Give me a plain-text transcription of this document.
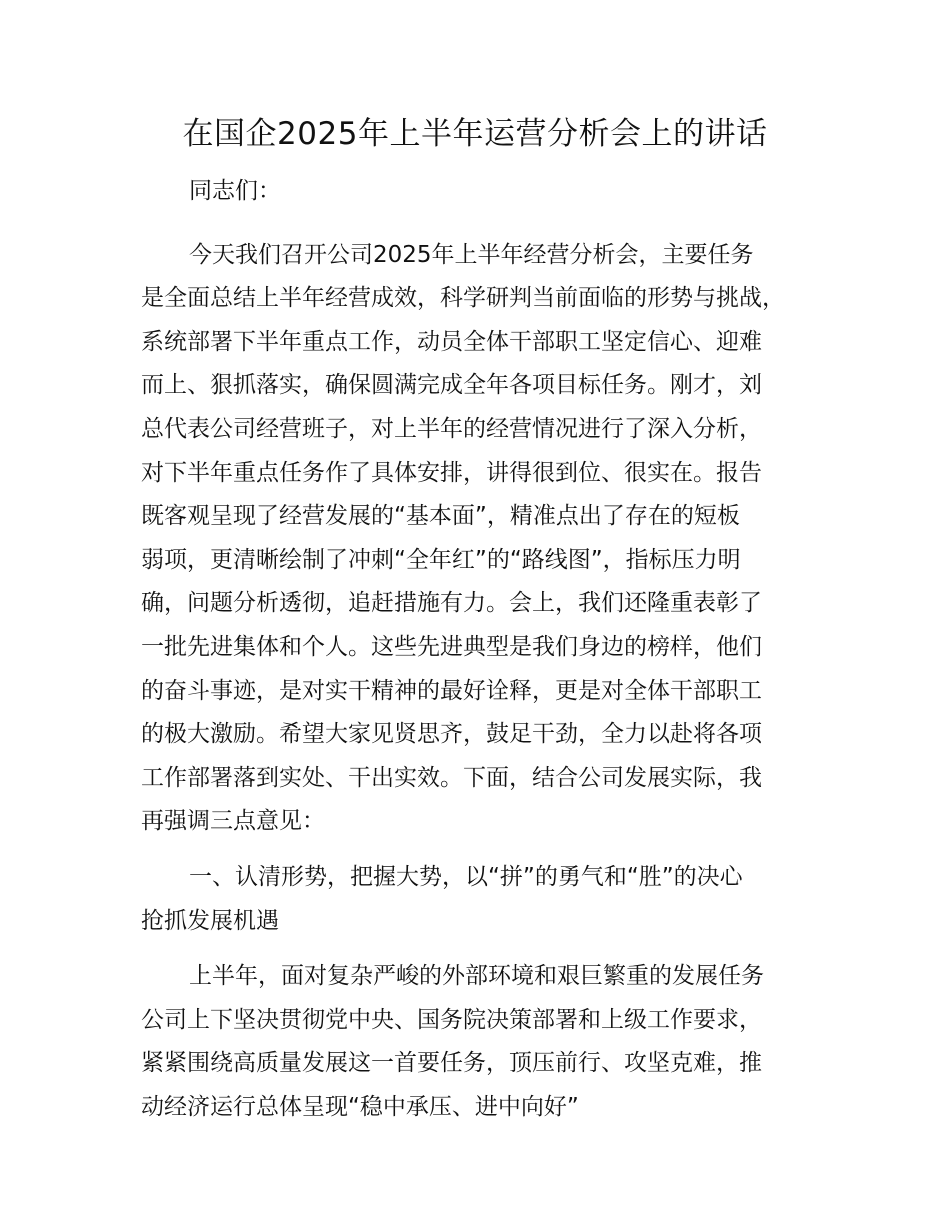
在国企2025年上半年运营分析会上的讲话

同志们：

今天我们召开公司2025年上半年经营分析会，主要任务
是全面总结上半年经营成效，科学研判当前面临的形势与挑战，
系统部署下半年重点工作，动员全体干部职工坚定信心、迎难
而上、狠抓落实，确保圆满完成全年各项目标任务。刚才，刘
总代表公司经营班子，对上半年的经营情况进行了深入分析，
对下半年重点任务作了具体安排，讲得很到位、很实在。报告
既客观呈现了经营发展的“基本面”，精准点出了存在的短板
弱项，更清晰绘制了冲刺“全年红”的“路线图”，指标压力明
确，问题分析透彻，追赶措施有力。会上，我们还隆重表彰了
一批先进集体和个人。这些先进典型是我们身边的榜样，他们
的奋斗事迹，是对实干精神的最好诠释，更是对全体干部职工
的极大激励。希望大家见贤思齐，鼓足干劲，全力以赴将各项
工作部署落到实处、干出实效。下面，结合公司发展实际，我
再强调三点意见：

一、认清形势，把握大势，以“拼”的勇气和“胜”的决心
抢抓发展机遇

上半年，面对复杂严峻的外部环境和艰巨繁重的发展任务
公司上下坚决贯彻党中央、国务院决策部署和上级工作要求，
紧紧围绕高质量发展这一首要任务，顶压前行、攻坚克难，推
动经济运行总体呈现“稳中承压、进中向好”
